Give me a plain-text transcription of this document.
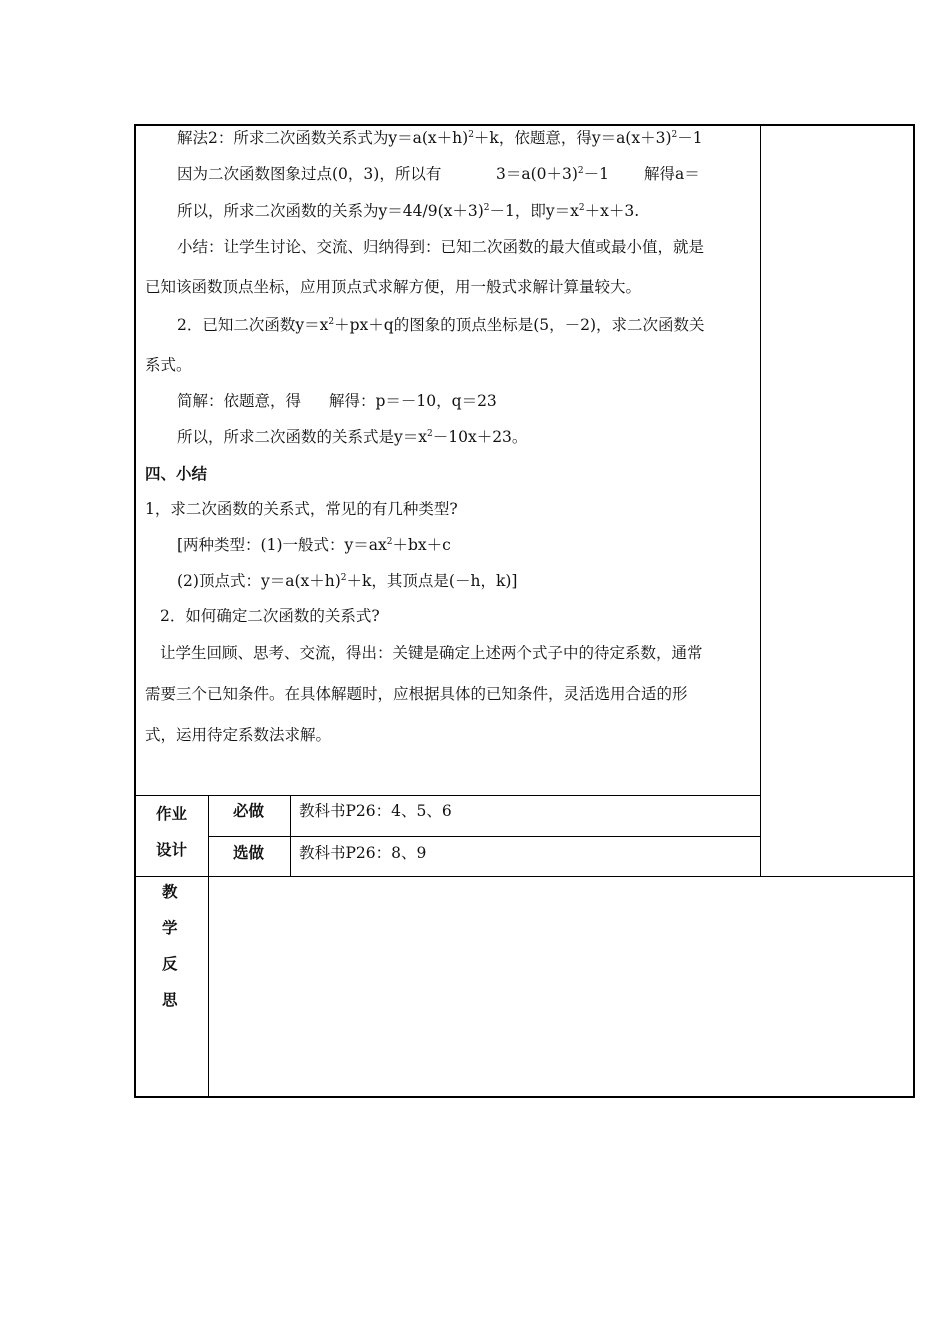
解法2：所求二次函数关系式为$y=a(x+h)^2+k$，依题意，得$y=a(x+3)^2-1$
因为二次函数图象过点(0，3)，所以有	$3=a(0+3)^2-1$ 解得a＝
所以，所求二次函数的关系为$y=44/9(x+3)^2-1$，即$y=x^2+x+3$.
小结：让学生讨论、交流、归纳得到：已知二次函数的最大值或最小值，就是
已知该函数顶点坐标，应用顶点式求解方便，用一般式求解计算量较大。
2．已知二次函数$y=x^2+px+q$的图象的顶点坐标是(5，－2)，求二次函数关
系式。
简解：依题意，得 解得：p＝－10，q＝23
所以，所求二次函数的关系式是$y=x^2-10x+23$。
四、小结
1，求二次函数的关系式，常见的有几种类型?
[两种类型：(1)一般式：$y=ax^2+bx+c$
(2)顶点式：$y=a(x+h)^2+k$，其顶点是(－h，k)]
2．如何确定二次函数的关系式?
让学生回顾、思考、交流，得出：关键是确定上述两个式子中的待定系数，通常
需要三个已知条件。在具体解题时，应根据具体的已知条件，灵活选用合适的形
式，运用待定系数法求解。
作业
设计
必做 教科书P26：4、5、6
选做 教科书P26：8、9
教
学
反
思
